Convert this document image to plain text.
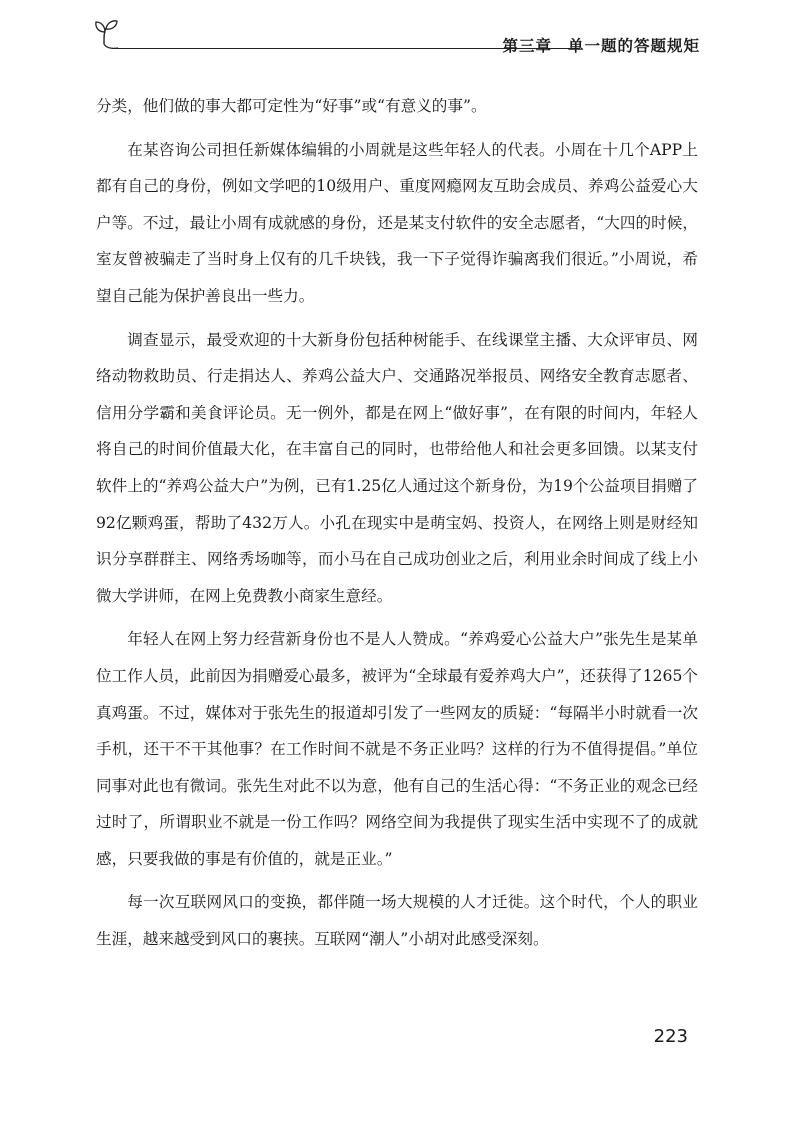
第三章 单一题的答题规矩

分类，他们做的事大都可定性为“好事”或“有意义的事”。

在某咨询公司担任新媒体编辑的小周就是这些年轻人的代表。小周在十几个APP上都有自己的身份，例如文学吧的10级用户、重度网瘾网友互助会成员、养鸡公益爱心大户等。不过，最让小周有成就感的身份，还是某支付软件的安全志愿者，“大四的时候，室友曾被骗走了当时身上仅有的几千块钱，我一下子觉得诈骗离我们很近。”小周说，希望自己能为保护善良出一些力。

调查显示，最受欢迎的十大新身份包括种树能手、在线课堂主播、大众评审员、网络动物救助员、行走捐达人、养鸡公益大户、交通路况举报员、网络安全教育志愿者、信用分学霸和美食评论员。无一例外，都是在网上“做好事”，在有限的时间内，年轻人将自己的时间价值最大化，在丰富自己的同时，也带给他人和社会更多回馈。以某支付软件上的“养鸡公益大户”为例，已有1.25亿人通过这个新身份，为19个公益项目捐赠了92亿颗鸡蛋，帮助了432万人。小孔在现实中是萌宝妈、投资人，在网络上则是财经知识分享群群主、网络秀场咖等，而小马在自己成功创业之后，利用业余时间成了线上小微大学讲师，在网上免费教小商家生意经。

年轻人在网上努力经营新身份也不是人人赞成。“养鸡爱心公益大户”张先生是某单位工作人员，此前因为捐赠爱心最多，被评为“全球最有爱养鸡大户”，还获得了1265个真鸡蛋。不过，媒体对于张先生的报道却引发了一些网友的质疑：“每隔半小时就看一次手机，还干不干其他事？在工作时间不就是不务正业吗？这样的行为不值得提倡。”单位同事对此也有微词。张先生对此不以为意，他有自己的生活心得：“不务正业的观念已经过时了，所谓职业不就是一份工作吗？网络空间为我提供了现实生活中实现不了的成就感，只要我做的事是有价值的，就是正业。”

每一次互联网风口的变换，都伴随一场大规模的人才迁徙。这个时代，个人的职业生涯，越来越受到风口的裹挟。互联网“潮人”小胡对此感受深刻。

223
